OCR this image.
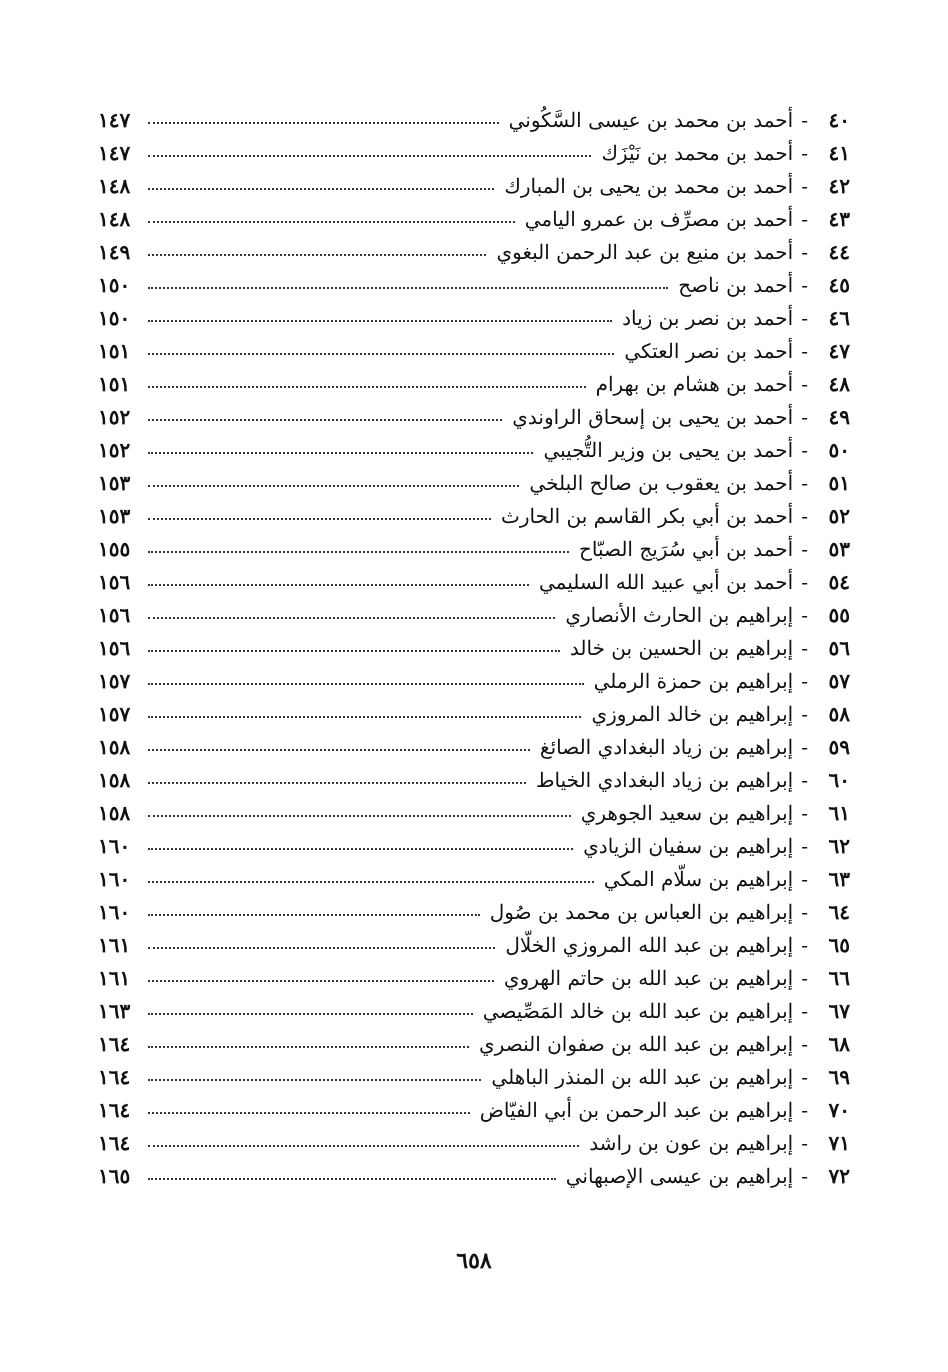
٤٠
-
أحمد بن محمد بن عيسى السَّكُوني
١٤٧
٤١
-
أحمد بن محمد بن نَيْزَك
١٤٧
٤٢
-
أحمد بن محمد بن يحيى بن المبارك
١٤٨
٤٣
-
أحمد بن مصرِّف بن عمرو اليامي
١٤٨
٤٤
-
أحمد بن منيع بن عبد الرحمن البغوي
١٤٩
٤٥
-
أحمد بن ناصح
١٥٠
٤٦
-
أحمد بن نصر بن زياد
١٥٠
٤٧
-
أحمد بن نصر العتكي
١٥١
٤٨
-
أحمد بن هشام بن بهرام
١٥١
٤٩
-
أحمد بن يحيى بن إسحاق الراوندي
١٥٢
٥٠
-
أحمد بن يحيى بن وزير التُّجيبي
١٥٢
٥١
-
أحمد بن يعقوب بن صالح البلخي
١٥٣
٥٢
-
أحمد بن أبي بكر القاسم بن الحارث
١٥٣
٥٣
-
أحمد بن أبي سُرَيج الصبّاح
١٥٥
٥٤
-
أحمد بن أبي عبيد الله السليمي
١٥٦
٥٥
-
إبراهيم بن الحارث الأنصاري
١٥٦
٥٦
-
إبراهيم بن الحسين بن خالد
١٥٦
٥٧
-
إبراهيم بن حمزة الرملي
١٥٧
٥٨
-
إبراهيم بن خالد المروزي
١٥٧
٥٩
-
إبراهيم بن زياد البغدادي الصائغ
١٥٨
٦٠
-
إبراهيم بن زياد البغدادي الخياط
١٥٨
٦١
-
إبراهيم بن سعيد الجوهري
١٥٨
٦٢
-
إبراهيم بن سفيان الزيادي
١٦٠
٦٣
-
إبراهيم بن سلّام المكي
١٦٠
٦٤
-
إبراهيم بن العباس بن محمد بن صُول
١٦٠
٦٥
-
إبراهيم بن عبد الله المروزي الخلّال
١٦١
٦٦
-
إبراهيم بن عبد الله بن حاتم الهروي
١٦١
٦٧
-
إبراهيم بن عبد الله بن خالد المَصِّيصي
١٦٣
٦٨
-
إبراهيم بن عبد الله بن صفوان النصري
١٦٤
٦٩
-
إبراهيم بن عبد الله بن المنذر الباهلي
١٦٤
٧٠
-
إبراهيم بن عبد الرحمن بن أبي الفيّاض
١٦٤
٧١
-
إبراهيم بن عون بن راشد
١٦٤
٧٢
-
إبراهيم بن عيسى الإصبهاني
١٦٥
٦٥٨
